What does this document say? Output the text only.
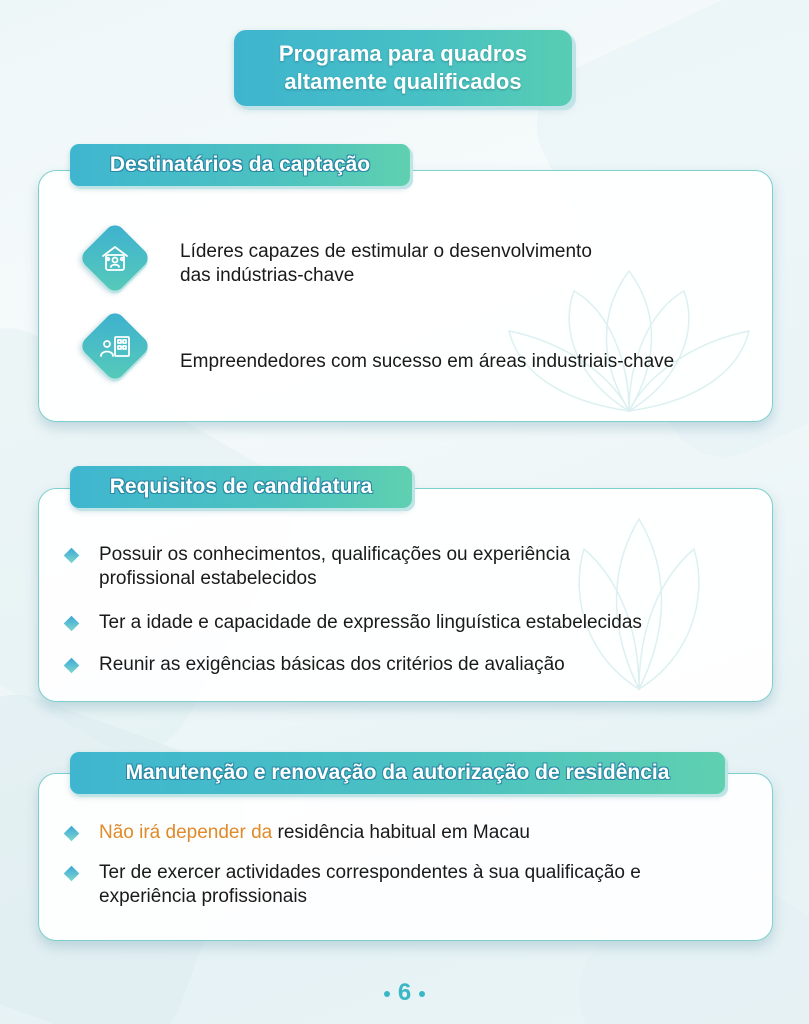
Programa para quadros
altamente qualificados
Destinatários da captação
Líderes capazes de estimular o desenvolvimento
das indústrias-chave
Empreendedores com sucesso em áreas industriais-chave
Requisitos de candidatura
Possuir os conhecimentos, qualificações ou experiência
profissional estabelecidos
Ter a idade e capacidade de expressão linguística estabelecidas
Reunir as exigências básicas dos critérios de avaliação
Manutenção e renovação da autorização de residência
Não irá depender da residência habitual em Macau
Ter de exercer actividades correspondentes à sua qualificação e
experiência profissionais
6
